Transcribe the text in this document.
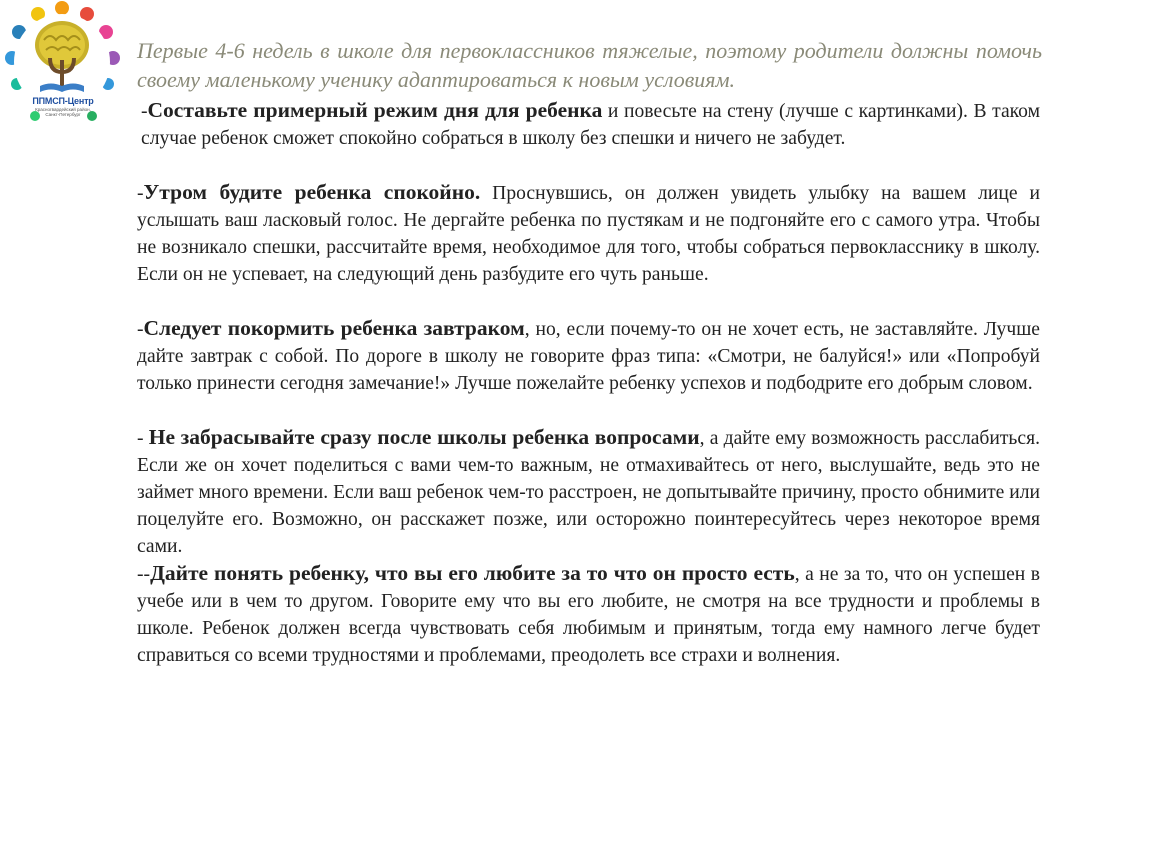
ППМСП-Центр
Красногвардейский район,
Санкт-Петербург
Первые 4-6 недель в школе для первоклассников тяжелые, поэтому родители должны помочь своему маленькому ученику адаптироваться к новым условиям.

-Составьте примерный режим дня для ребенка и повесьте на стену (лучше с картинками). В таком случае ребенок сможет спокойно собраться в школу без спешки и ничего не забудет.

-Утром будите ребенка спокойно. Проснувшись, он должен увидеть улыбку на вашем лице и услышать ваш ласковый голос. Не дергайте ребенка по пустякам и не подгоняйте его с самого утра. Чтобы не возникало спешки, рассчитайте время, необходимое для того, чтобы собраться первокласснику в школу. Если он не успевает, на следующий день разбудите его чуть раньше.

-Следует покормить ребенка завтраком, но, если почему-то он не хочет есть, не заставляйте. Лучше дайте завтрак с собой. По дороге в школу не говорите фраз типа: «Смотри, не балуйся!» или «Попробуй только принести сегодня замечание!» Лучше пожелайте ребенку успехов и подбодрите его добрым словом.

- Не забрасывайте сразу после школы ребенка вопросами, а дайте ему возможность расслабиться. Если же он хочет поделиться с вами чем-то важным, не отмахивайтесь от него, выслушайте, ведь это не займет много времени. Если ваш ребенок чем-то расстроен, не допытывайте причину, просто обнимите или поцелуйте его. Возможно, он расскажет позже, или осторожно поинтересуйтесь через некоторое время сами.

--Дайте понять ребенку, что вы его любите за то что он просто есть, а не за то, что он успешен в учебе или в чем то другом. Говорите ему что вы его любите, не смотря на все трудности и проблемы в школе. Ребенок должен всегда чувствовать себя любимым и принятым, тогда ему намного легче будет справиться со всеми трудностями и проблемами, преодолеть все страхи и волнения.
